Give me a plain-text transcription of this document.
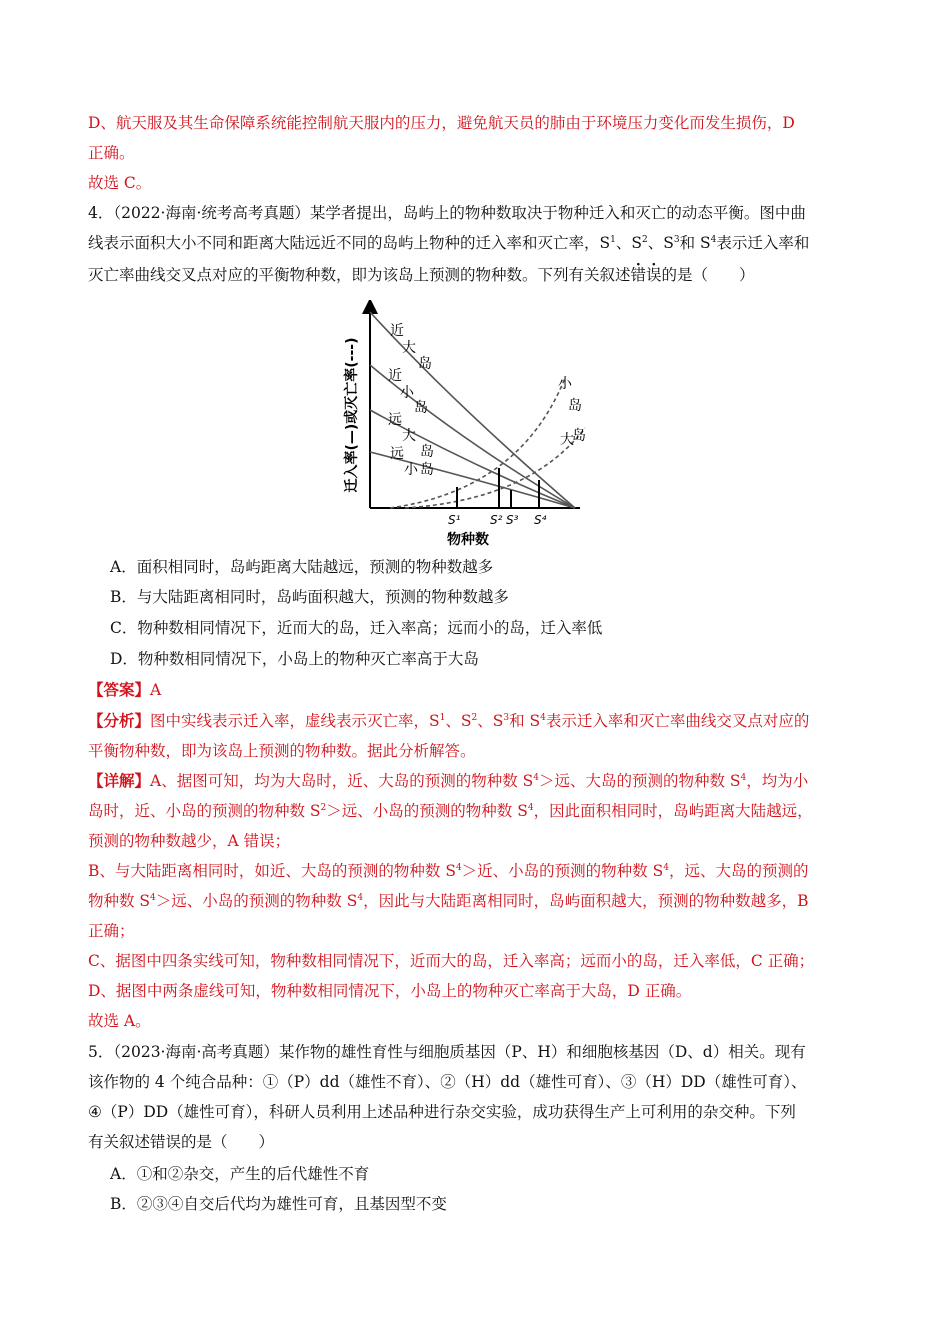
D、航天服及其生命保障系统能控制航天服内的压力，避免航天员的肺由于环境压力变化而发生损伤，D
正确。
故选 C。
4．（2022·海南·统考高考真题）某学者提出，岛屿上的物种数取决于物种迁入和灭亡的动态平衡。图中曲
线表示面积大小不同和距离大陆远近不同的岛屿上物种的迁入率和灭亡率，$S^1$、$S^2$、$S^3$和 $S^4$表示迁入率和
灭亡率曲线交叉点对应的平衡物种数，即为该岛上预测的物种数。下列有关叙述错误的是（　　）
迁入率(—)或灭亡率(---)
近
大
岛
近
小
岛
远
大
岛
远
小 岛
小
岛
大
岛
S¹ S² S³ S⁴
物种数
A．面积相同时，岛屿距离大陆越远，预测的物种数越多
B．与大陆距离相同时，岛屿面积越大，预测的物种数越多
C．物种数相同情况下，近而大的岛，迁入率高；远而小的岛，迁入率低
D．物种数相同情况下，小岛上的物种灭亡率高于大岛
【答案】A
【分析】图中实线表示迁入率，虚线表示灭亡率，$S^1$、$S^2$、$S^3$和 $S^4$表示迁入率和灭亡率曲线交叉点对应的
平衡物种数，即为该岛上预测的物种数。据此分析解答。
【详解】A、据图可知，均为大岛时，近、大岛的预测的物种数 $S^4>$远、大岛的预测的物种数 $S^4$，均为小
岛时，近、小岛的预测的物种数 $S^2>$远、小岛的预测的物种数 $S^4$，因此面积相同时，岛屿距离大陆越远，
预测的物种数越少，A 错误；
B、与大陆距离相同时，如近、大岛的预测的物种数 $S^4>$近、小岛的预测的物种数 $S^4$，远、大岛的预测的
物种数 $S^4>$远、小岛的预测的物种数 $S^4$，因此与大陆距离相同时，岛屿面积越大，预测的物种数越多，B
正确；
C、据图中四条实线可知，物种数相同情况下，近而大的岛，迁入率高；远而小的岛，迁入率低，C 正确；
D、据图中两条虚线可知，物种数相同情况下，小岛上的物种灭亡率高于大岛，D 正确。
故选 A。
5．（2023·海南·高考真题）某作物的雄性育性与细胞质基因（P、H）和细胞核基因（D、d）相关。现有
该作物的 4 个纯合品种：①（P）dd（雄性不育）、②（H）dd（雄性可育）、③（H）DD（雄性可育）、
④（P）DD（雄性可育），科研人员利用上述品种进行杂交实验，成功获得生产上可利用的杂交种。下列
有关叙述错误的是（　　）
A．①和②杂交，产生的后代雄性不育
B．②③④自交后代均为雄性可育，且基因型不变
